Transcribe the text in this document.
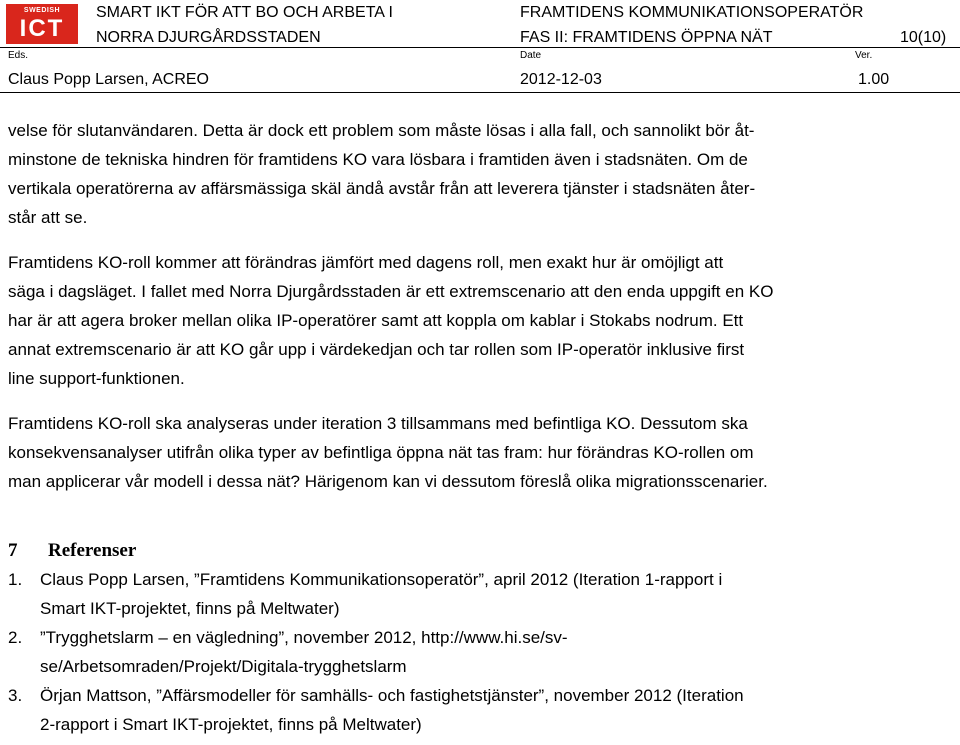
SWEDISH
ICT
SMART IKT FÖR ATT BO OCH ARBETA I
NORRA DJURGÅRDSSTADEN
FRAMTIDENS KOMMUNIKATIONSOPERATÖR
FAS II: FRAMTIDENS ÖPPNA NÄT	10(10)
Eds.	Date	Ver.
Claus Popp Larsen, ACREO	2012-12-03	1.00

velse för slutanvändaren. Detta är dock ett problem som måste lösas i alla fall, och sannolikt bör åt-
minstone de tekniska hindren för framtidens KO vara lösbara i framtiden även i stadsnäten. Om de
vertikala operatörerna av affärsmässiga skäl ändå avstår från att leverera tjänster i stadsnäten åter-
står att se.

Framtidens KO-roll kommer att förändras jämfört med dagens roll, men exakt hur är omöjligt att
säga i dagsläget. I fallet med Norra Djurgårdsstaden är ett extremscenario att den enda uppgift en KO
har är att agera broker mellan olika IP-operatörer samt att koppla om kablar i Stokabs nodrum. Ett
annat extremscenario är att KO går upp i värdekedjan och tar rollen som IP-operatör inklusive first
line support-funktionen.

Framtidens KO-roll ska analyseras under iteration 3 tillsammans med befintliga KO. Dessutom ska
konsekvensanalyser utifrån olika typer av befintliga öppna nät tas fram: hur förändras KO-rollen om
man applicerar vår modell i dessa nät? Härigenom kan vi dessutom föreslå olika migrationsscenarier.

7 Referenser
1.	Claus Popp Larsen, ”Framtidens Kommunikationsoperatör”, april 2012 (Iteration 1-rapport i
Smart IKT-projektet, finns på Meltwater)
2.	”Trygghetslarm – en vägledning”, november 2012, http://www.hi.se/sv-
se/Arbetsomraden/Projekt/Digitala-trygghetslarm
3.	Örjan Mattson, ”Affärsmodeller för samhälls- och fastighetstjänster”, november 2012 (Iteration
2-rapport i Smart IKT-projektet, finns på Meltwater)
